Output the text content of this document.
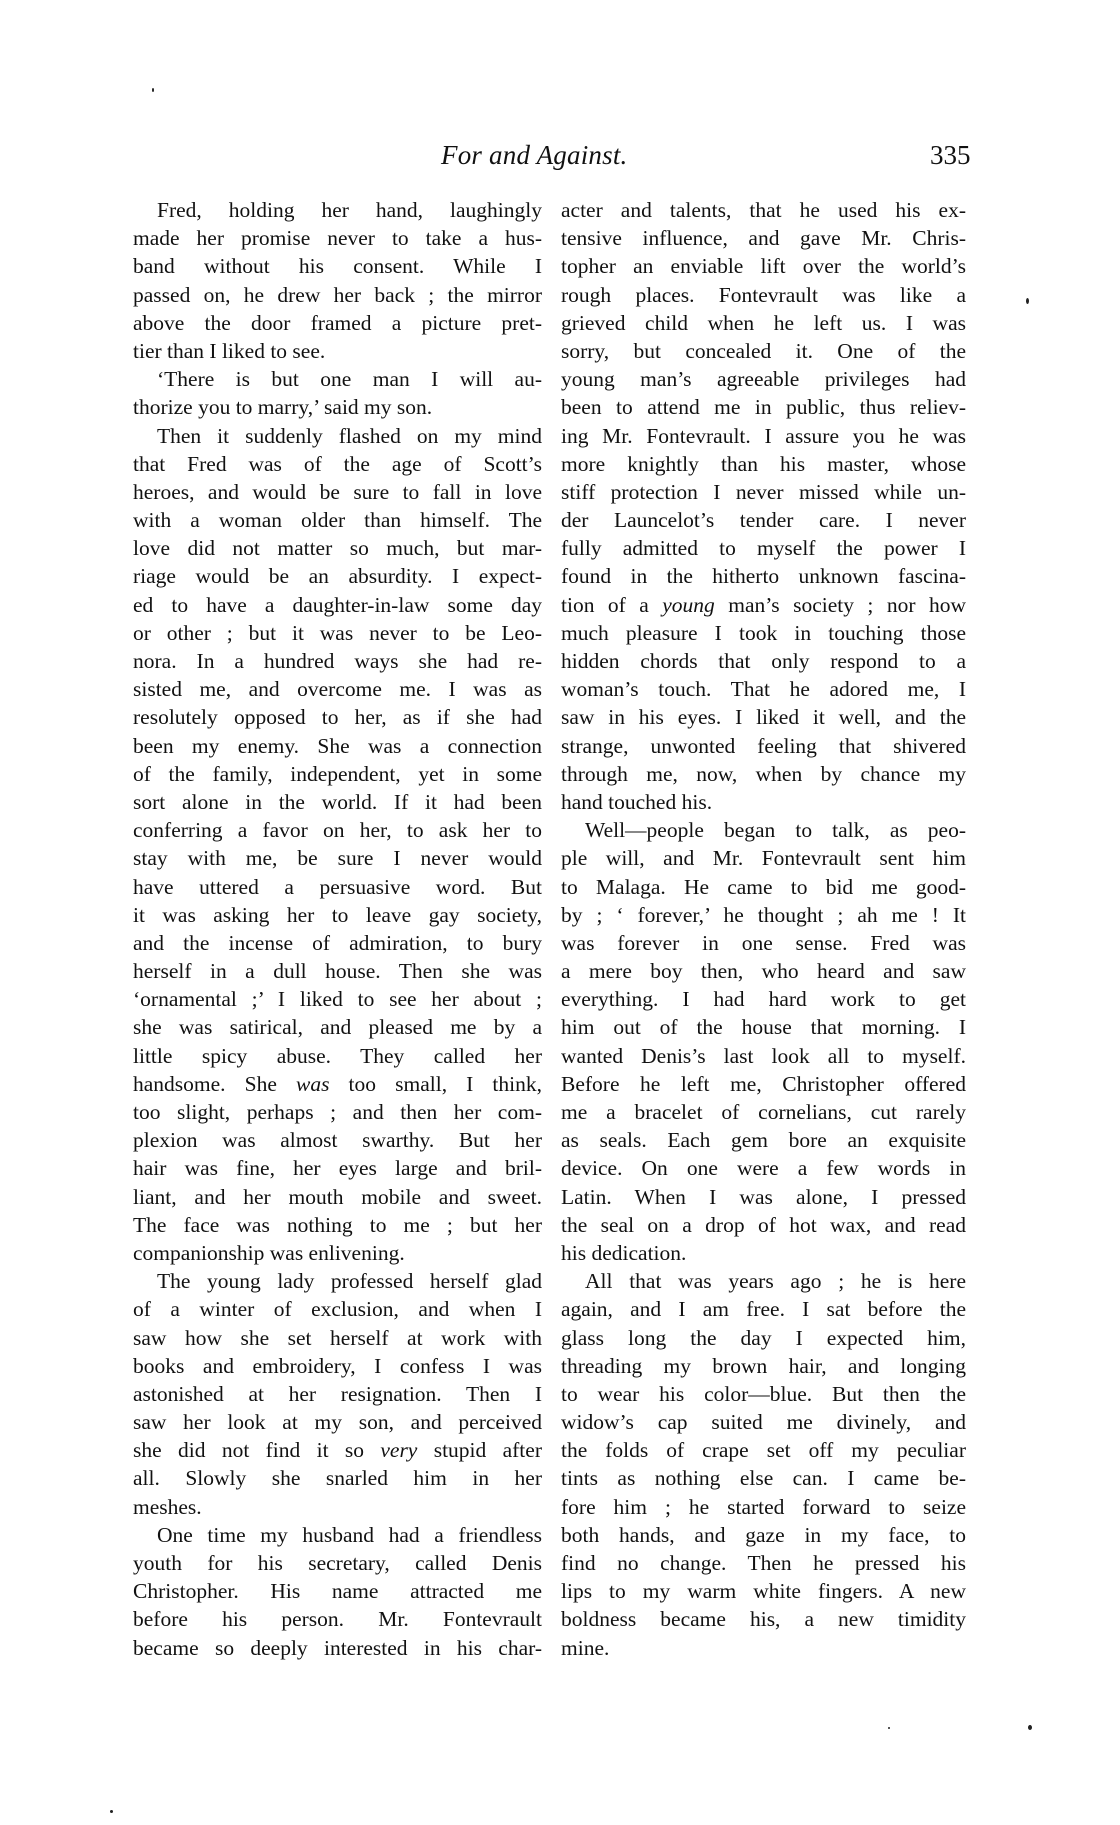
For and Against.	335
Fred, holding her hand, laughingly
made her promise never to take a hus-
band without his consent. While I
passed on, he drew her back ; the mirror
above the door framed a picture pret-
tier than I liked to see.
‘There is but one man I will au-
thorize you to marry,’ said my son.
Then it suddenly flashed on my mind
that Fred was of the age of Scott’s
heroes, and would be sure to fall in love
with a woman older than himself. The
love did not matter so much, but mar-
riage would be an absurdity. I expect-
ed to have a daughter-in-law some day
or other ; but it was never to be Leo-
nora. In a hundred ways she had re-
sisted me, and overcome me. I was as
resolutely opposed to her, as if she had
been my enemy. She was a connection
of the family, independent, yet in some
sort alone in the world. If it had been
conferring a favor on her, to ask her to
stay with me, be sure I never would
have uttered a persuasive word. But
it was asking her to leave gay society,
and the incense of admiration, to bury
herself in a dull house. Then she was
‘ornamental ;’ I liked to see her about ;
she was satirical, and pleased me by a
little spicy abuse. They called her
handsome. She was too small, I think,
too slight, perhaps ; and then her com-
plexion was almost swarthy. But her
hair was fine, her eyes large and bril-
liant, and her mouth mobile and sweet.
The face was nothing to me ; but her
companionship was enlivening.
The young lady professed herself glad
of a winter of exclusion, and when I
saw how she set herself at work with
books and embroidery, I confess I was
astonished at her resignation. Then I
saw her look at my son, and perceived
she did not find it so very stupid after
all. Slowly she snarled him in her
meshes.
One time my husband had a friendless
youth for his secretary, called Denis
Christopher. His name attracted me
before his person. Mr. Fontevrault
became so deeply interested in his char-
acter and talents, that he used his ex-
tensive influence, and gave Mr. Chris-
topher an enviable lift over the world’s
rough places. Fontevrault was like a
grieved child when he left us. I was
sorry, but concealed it. One of the
young man’s agreeable privileges had
been to attend me in public, thus reliev-
ing Mr. Fontevrault. I assure you he was
more knightly than his master, whose
stiff protection I never missed while un-
der Launcelot’s tender care. I never
fully admitted to myself the power I
found in the hitherto unknown fascina-
tion of a young man’s society ; nor how
much pleasure I took in touching those
hidden chords that only respond to a
woman’s touch. That he adored me, I
saw in his eyes. I liked it well, and the
strange, unwonted feeling that shivered
through me, now, when by chance my
hand touched his.
Well—people began to talk, as peo-
ple will, and Mr. Fontevrault sent him
to Malaga. He came to bid me good-
by ; ‘ forever,’ he thought ; ah me ! It
was forever in one sense. Fred was
a mere boy then, who heard and saw
everything. I had hard work to get
him out of the house that morning. I
wanted Denis’s last look all to myself.
Before he left me, Christopher offered
me a bracelet of cornelians, cut rarely
as seals. Each gem bore an exquisite
device. On one were a few words in
Latin. When I was alone, I pressed
the seal on a drop of hot wax, and read
his dedication.
All that was years ago ; he is here
again, and I am free. I sat before the
glass long the day I expected him,
threading my brown hair, and longing
to wear his color—blue. But then the
widow’s cap suited me divinely, and
the folds of crape set off my peculiar
tints as nothing else can. I came be-
fore him ; he started forward to seize
both hands, and gaze in my face, to
find no change. Then he pressed his
lips to my warm white fingers. A new
boldness became his, a new timidity
mine.
